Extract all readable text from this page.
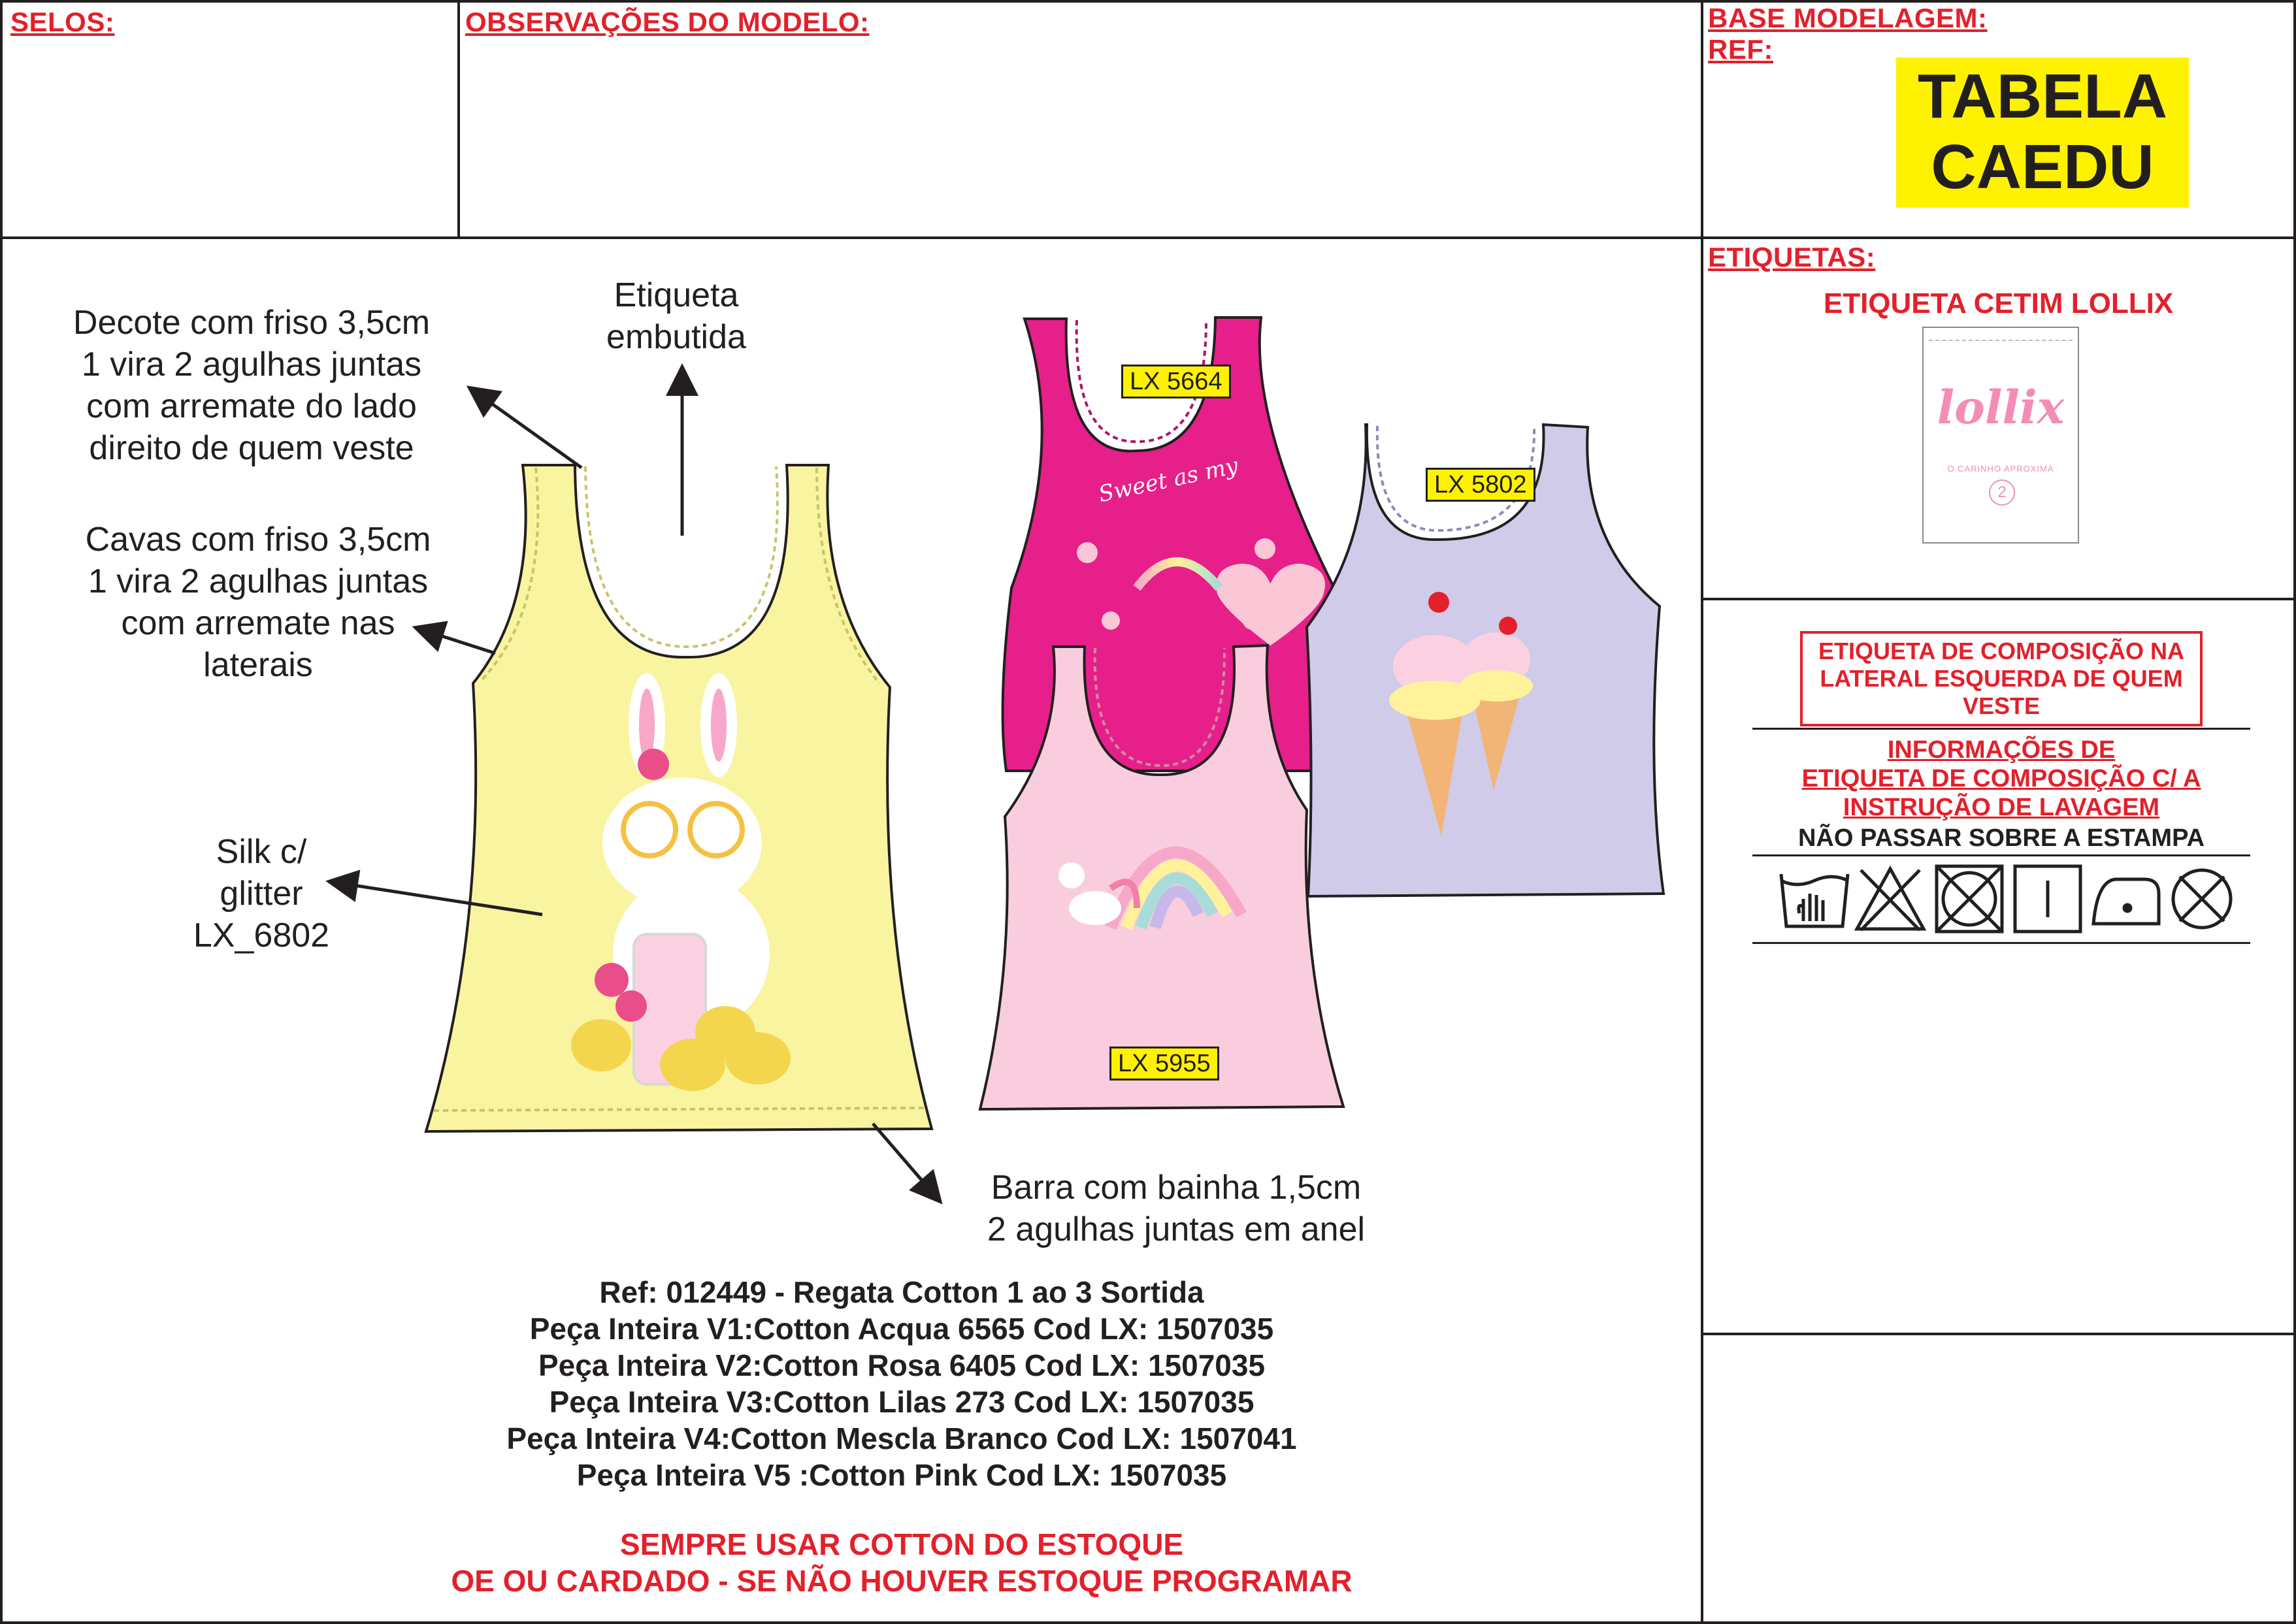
SELOS:	OBSERVAÇÕES DO MODELO:	BASE MODELAGEM:
REF:
TABELA
CAEDU
ETIQUETAS:
ETIQUETA CETIM LOLLIX
lollix
O CARINHO APROXIMA
2
ETIQUETA DE COMPOSIÇÃO NA
LATERAL ESQUERDA DE QUEM
VESTE
INFORMAÇÕES DE
ETIQUETA DE COMPOSIÇÃO C/ A
INSTRUÇÃO DE LAVAGEM
NÃO PASSAR SOBRE A ESTAMPA
Decote com friso 3,5cm
1 vira 2 agulhas juntas
com arremate do lado
direito de quem veste
Etiqueta
embutida
Cavas com friso 3,5cm
1 vira 2 agulhas juntas
com arremate nas
laterais
Silk c/
glitter
LX_6802
Barra com bainha 1,5cm
2 agulhas juntas em anel
Sweet as my
LX 5664
LX 5802
LX 5955
Ref: 012449 - Regata Cotton 1 ao 3 Sortida
Peça Inteira V1:Cotton Acqua 6565 Cod LX: 1507035
Peça Inteira V2:Cotton Rosa 6405 Cod LX: 1507035
Peça Inteira V3:Cotton Lilas 273 Cod LX: 1507035
Peça Inteira V4:Cotton Mescla Branco Cod LX: 1507041
Peça Inteira V5 :Cotton Pink Cod LX: 1507035
SEMPRE USAR COTTON DO ESTOQUE
OE OU CARDADO - SE NÃO HOUVER ESTOQUE PROGRAMAR
